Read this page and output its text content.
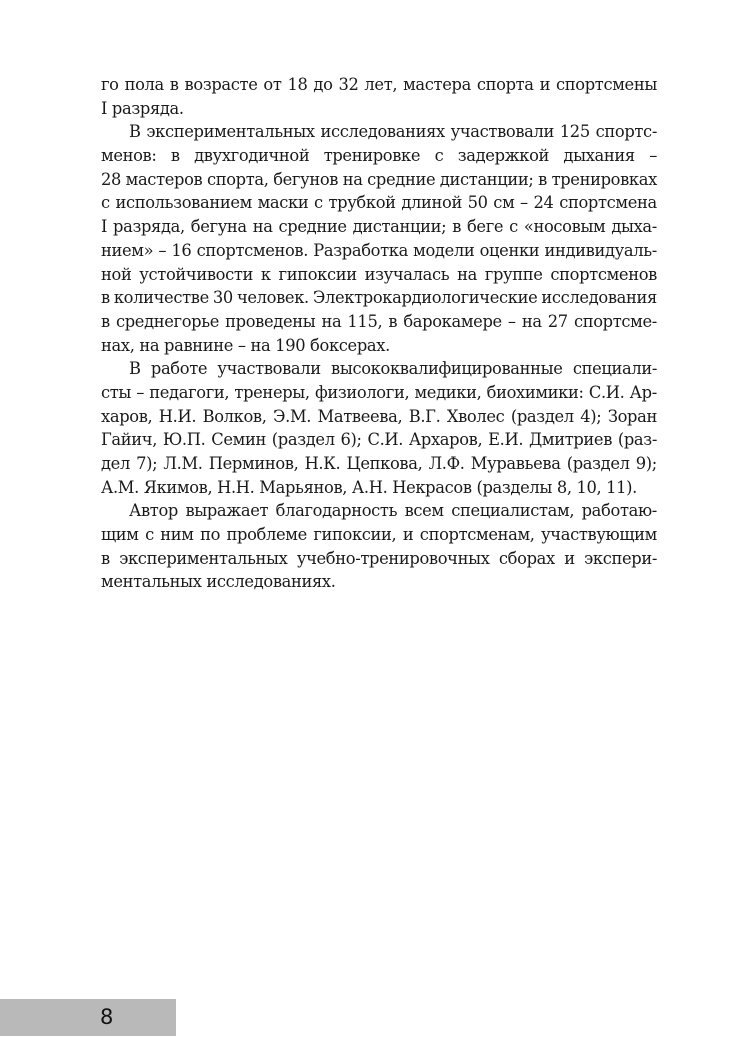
го пола в возрасте от 18 до 32 лет, мастера спорта и спортсмены
I разряда.
В экспериментальных исследованиях участвовали 125 спортс-
менов: в двухгодичной тренировке с задержкой дыхания –
28 мастеров спорта, бегунов на средние дистанции; в тренировках
с использованием маски с трубкой длиной 50 см – 24 спортсмена
I разряда, бегуна на средние дистанции; в беге с «носовым дыха-
нием» – 16 спортсменов. Разработка модели оценки индивидуаль-
ной устойчивости к гипоксии изучалась на группе спортсменов
в количестве 30 человек. Электрокардиологические исследования
в среднегорье проведены на 115, в барокамере – на 27 спортсме-
нах, на равнине – на 190 боксерах.
В работе участвовали высококвалифицированные специали-
сты – педагоги, тренеры, физиологи, медики, биохимики: С.И. Ар-
харов, Н.И. Волков, Э.М. Матвеева, В.Г. Хволес (раздел 4); Зоран
Гайич, Ю.П. Семин (раздел 6); С.И. Архаров, Е.И. Дмитриев (раз-
дел 7); Л.М. Перминов, Н.К. Цепкова, Л.Ф. Муравьева (раздел 9);
А.М. Якимов, Н.Н. Марьянов, А.Н. Некрасов (разделы 8, 10, 11).
Автор выражает благодарность всем специалистам, работаю-
щим с ним по проблеме гипоксии, и спортсменам, участвующим
в экспериментальных учебно-тренировочных сборах и экспери-
ментальных исследованиях.
8
